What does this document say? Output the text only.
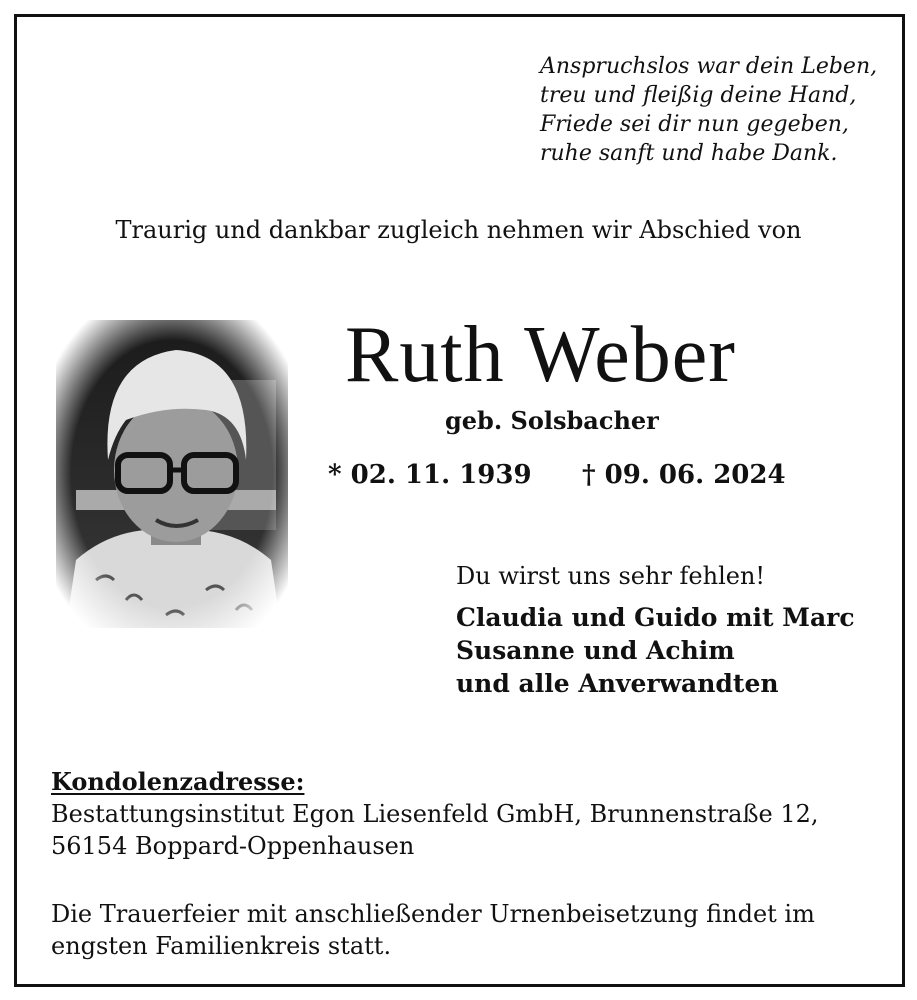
Anspruchslos war dein Leben,
treu und fleißig deine Hand,
Friede sei dir nun gegeben,
ruhe sanft und habe Dank.
Traurig und dankbar zugleich nehmen wir Abschied von
Ruth Weber
geb. Solsbacher
* 02. 11. 1939 † 09. 06. 2024
Du wirst uns sehr fehlen!
Claudia und Guido mit Marc
Susanne und Achim
und alle Anverwandten
Kondolenzadresse:
Bestattungsinstitut Egon Liesenfeld GmbH, Brunnenstraße 12,
56154 Boppard-Oppenhausen
Die Trauerfeier mit anschließender Urnenbeisetzung findet im
engsten Familienkreis statt.
